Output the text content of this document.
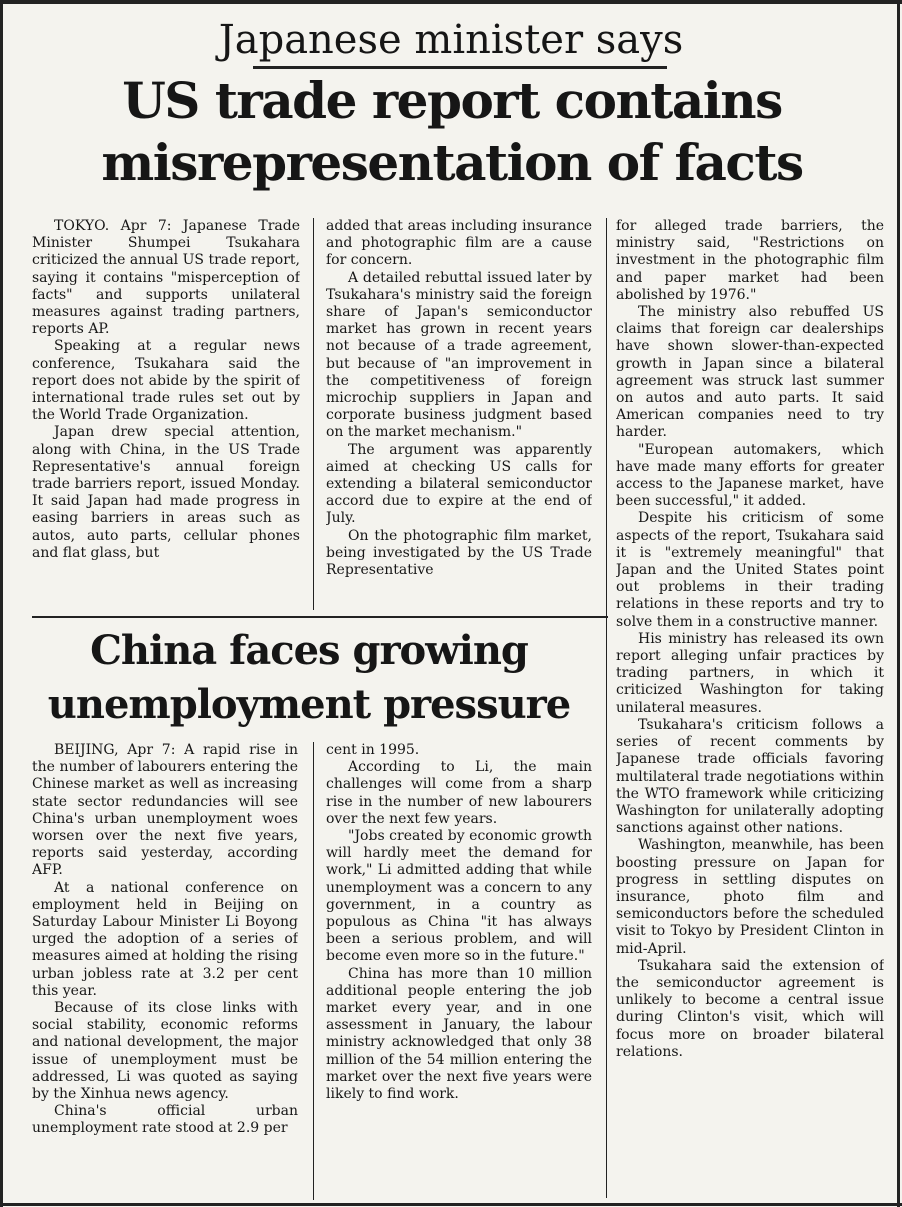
Japanese minister says
US trade report contains misrepresentation of facts

TOKYO. Apr 7: Japanese Trade Minister Shumpei Tsukahara criticized the annual US trade report, saying it contains "misperception of facts" and supports unilateral measures against trading partners, reports AP.

Speaking at a regular news conference, Tsukahara said the report does not abide by the spirit of international trade rules set out by the World Trade Organization.

Japan drew special attention, along with China, in the US Trade Representative's annual foreign trade barriers report, issued Monday. It said Japan had made progress in easing barriers in areas such as autos, auto parts, cellular phones and flat glass, but

added that areas including insurance and photographic film are a cause for concern.

A detailed rebuttal issued later by Tsukahara's ministry said the foreign share of Japan's semiconductor market has grown in recent years not because of a trade agreement, but because of "an improvement in the competitiveness of foreign microchip suppliers in Japan and corporate business judgment based on the market mechanism."

The argument was apparently aimed at checking US calls for extending a bilateral semiconductor accord due to expire at the end of July.

On the photographic film market, being investigated by the US Trade Representative

for alleged trade barriers, the ministry said, "Restrictions on investment in the photographic film and paper market had been abolished by 1976."

The ministry also rebuffed US claims that foreign car dealerships have shown slower-than-expected growth in Japan since a bilateral agreement was struck last summer on autos and auto parts. It said American companies need to try harder.

"European automakers, which have made many efforts for greater access to the Japanese market, have been successful," it added.

Despite his criticism of some aspects of the report, Tsukahara said it is "extremely meaningful" that Japan and the United States point out problems in their trading relations in these reports and try to solve them in a constructive manner.

His ministry has released its own report alleging unfair practices by trading partners, in which it criticized Washington for taking unilateral measures.

Tsukahara's criticism follows a series of recent comments by Japanese trade officials favoring multilateral trade negotiations within the WTO framework while criticizing Washington for unilaterally adopting sanctions against other nations.

Washington, meanwhile, has been boosting pressure on Japan for progress in settling disputes on insurance, photo film and semiconductors before the scheduled visit to Tokyo by President Clinton in mid-April.

Tsukahara said the extension of the semiconductor agreement is unlikely to become a central issue during Clinton's visit, which will focus more on broader bilateral relations.

China faces growing unemployment pressure

BEIJING, Apr 7: A rapid rise in the number of labourers entering the Chinese market as well as increasing state sector redundancies will see China's urban unemployment woes worsen over the next five years, reports said yesterday, according AFP.

At a national conference on employment held in Beijing on Saturday Labour Minister Li Boyong urged the adoption of a series of measures aimed at holding the rising urban jobless rate at 3.2 per cent this year.

Because of its close links with social stability, economic reforms and national development, the major issue of unemployment must be addressed, Li was quoted as saying by the Xinhua news agency.

China's official urban unemployment rate stood at 2.9 per

cent in 1995.

According to Li, the main challenges will come from a sharp rise in the number of new labourers over the next few years.

"Jobs created by economic growth will hardly meet the demand for work," Li admitted adding that while unemployment was a concern to any government, in a country as populous as China "it has always been a serious problem, and will become even more so in the future."

China has more than 10 million additional people entering the job market every year, and in one assessment in January, the labour ministry acknowledged that only 38 million of the 54 million entering the market over the next five years were likely to find work.
